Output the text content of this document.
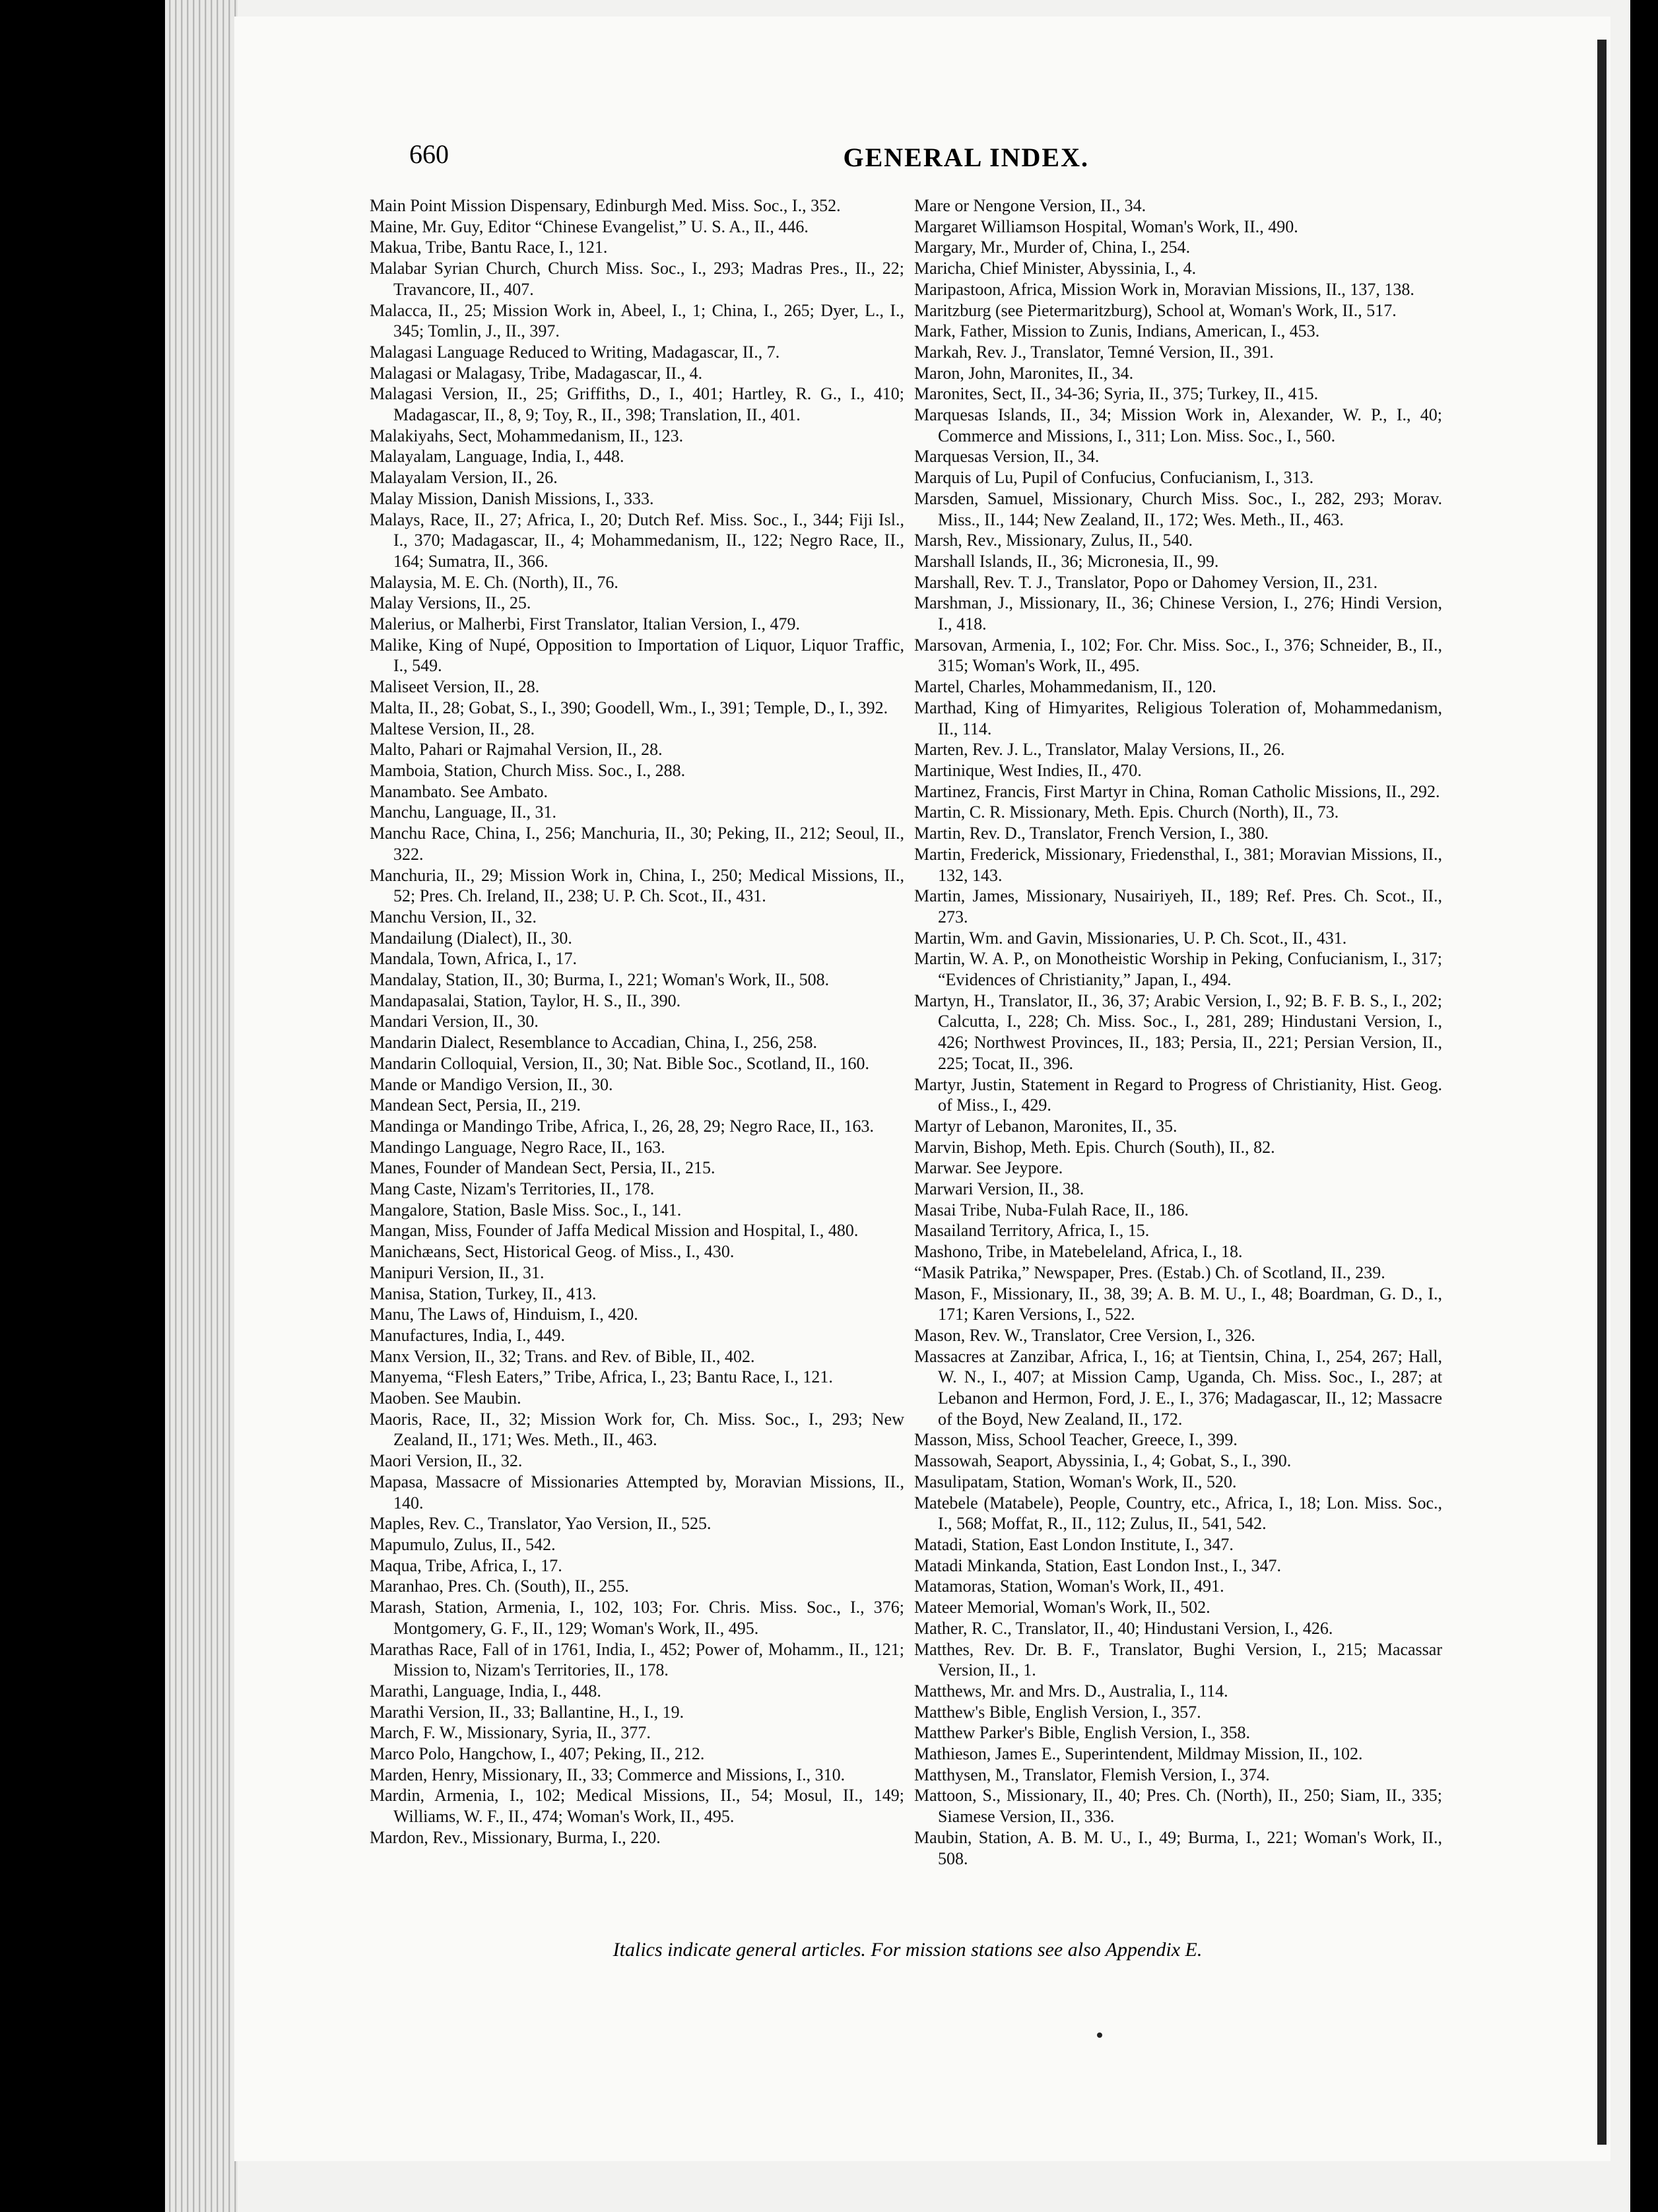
660	GENERAL INDEX.
Main Point Mission Dispensary, Edinburgh Med. Miss. Soc., I., 352.
Maine, Mr. Guy, Editor “Chinese Evangelist,” U. S. A., II., 446.
Makua, Tribe, Bantu Race, I., 121.
Malabar Syrian Church, Church Miss. Soc., I., 293; Madras Pres., II., 22; Travancore, II., 407.
Malacca, II., 25; Mission Work in, Abeel, I., 1; China, I., 265; Dyer, L., I., 345; Tomlin, J., II., 397.
Malagasi Language Reduced to Writing, Madagascar, II., 7.
Malagasi or Malagasy, Tribe, Madagascar, II., 4.
Malagasi Version, II., 25; Griffiths, D., I., 401; Hartley, R. G., I., 410; Madagascar, II., 8, 9; Toy, R., II., 398; Translation, II., 401.
Malakiyahs, Sect, Mohammedanism, II., 123.
Malayalam, Language, India, I., 448.
Malayalam Version, II., 26.
Malay Mission, Danish Missions, I., 333.
Malays, Race, II., 27; Africa, I., 20; Dutch Ref. Miss. Soc., I., 344; Fiji Isl., I., 370; Madagascar, II., 4; Mohammedanism, II., 122; Negro Race, II., 164; Sumatra, II., 366.
Malaysia, M. E. Ch. (North), II., 76.
Malay Versions, II., 25.
Malerius, or Malherbi, First Translator, Italian Version, I., 479.
Malike, King of Nupé, Opposition to Importation of Liquor, Liquor Traffic, I., 549.
Maliseet Version, II., 28.
Malta, II., 28; Gobat, S., I., 390; Goodell, Wm., I., 391; Temple, D., I., 392.
Maltese Version, II., 28.
Malto, Pahari or Rajmahal Version, II., 28.
Mamboia, Station, Church Miss. Soc., I., 288.
Manambato. See Ambato.
Manchu, Language, II., 31.
Manchu Race, China, I., 256; Manchuria, II., 30; Peking, II., 212; Seoul, II., 322.
Manchuria, II., 29; Mission Work in, China, I., 250; Medical Missions, II., 52; Pres. Ch. Ireland, II., 238; U. P. Ch. Scot., II., 431.
Manchu Version, II., 32.
Mandailung (Dialect), II., 30.
Mandala, Town, Africa, I., 17.
Mandalay, Station, II., 30; Burma, I., 221; Woman's Work, II., 508.
Mandapasalai, Station, Taylor, H. S., II., 390.
Mandari Version, II., 30.
Mandarin Dialect, Resemblance to Accadian, China, I., 256, 258.
Mandarin Colloquial, Version, II., 30; Nat. Bible Soc., Scotland, II., 160.
Mande or Mandigo Version, II., 30.
Mandean Sect, Persia, II., 219.
Mandinga or Mandingo Tribe, Africa, I., 26, 28, 29; Negro Race, II., 163.
Mandingo Language, Negro Race, II., 163.
Manes, Founder of Mandean Sect, Persia, II., 215.
Mang Caste, Nizam's Territories, II., 178.
Mangalore, Station, Basle Miss. Soc., I., 141.
Mangan, Miss, Founder of Jaffa Medical Mission and Hospital, I., 480.
Manichæans, Sect, Historical Geog. of Miss., I., 430.
Manipuri Version, II., 31.
Manisa, Station, Turkey, II., 413.
Manu, The Laws of, Hinduism, I., 420.
Manufactures, India, I., 449.
Manx Version, II., 32; Trans. and Rev. of Bible, II., 402.
Manyema, “Flesh Eaters,” Tribe, Africa, I., 23; Bantu Race, I., 121.
Maoben. See Maubin.
Maoris, Race, II., 32; Mission Work for, Ch. Miss. Soc., I., 293; New Zealand, II., 171; Wes. Meth., II., 463.
Maori Version, II., 32.
Mapasa, Massacre of Missionaries Attempted by, Moravian Missions, II., 140.
Maples, Rev. C., Translator, Yao Version, II., 525.
Mapumulo, Zulus, II., 542.
Maqua, Tribe, Africa, I., 17.
Maranhao, Pres. Ch. (South), II., 255.
Marash, Station, Armenia, I., 102, 103; For. Chris. Miss. Soc., I., 376; Montgomery, G. F., II., 129; Woman's Work, II., 495.
Marathas Race, Fall of in 1761, India, I., 452; Power of, Mohamm., II., 121; Mission to, Nizam's Territories, II., 178.
Marathi, Language, India, I., 448.
Marathi Version, II., 33; Ballantine, H., I., 19.
March, F. W., Missionary, Syria, II., 377.
Marco Polo, Hangchow, I., 407; Peking, II., 212.
Marden, Henry, Missionary, II., 33; Commerce and Missions, I., 310.
Mardin, Armenia, I., 102; Medical Missions, II., 54; Mosul, II., 149; Williams, W. F., II., 474; Woman's Work, II., 495.
Mardon, Rev., Missionary, Burma, I., 220.
Mare or Nengone Version, II., 34.
Margaret Williamson Hospital, Woman's Work, II., 490.
Margary, Mr., Murder of, China, I., 254.
Maricha, Chief Minister, Abyssinia, I., 4.
Maripastoon, Africa, Mission Work in, Moravian Missions, II., 137, 138.
Maritzburg (see Pietermaritzburg), School at, Woman's Work, II., 517.
Mark, Father, Mission to Zunis, Indians, American, I., 453.
Markah, Rev. J., Translator, Temné Version, II., 391.
Maron, John, Maronites, II., 34.
Maronites, Sect, II., 34-36; Syria, II., 375; Turkey, II., 415.
Marquesas Islands, II., 34; Mission Work in, Alexander, W. P., I., 40; Commerce and Missions, I., 311; Lon. Miss. Soc., I., 560.
Marquesas Version, II., 34.
Marquis of Lu, Pupil of Confucius, Confucianism, I., 313.
Marsden, Samuel, Missionary, Church Miss. Soc., I., 282, 293; Morav. Miss., II., 144; New Zealand, II., 172; Wes. Meth., II., 463.
Marsh, Rev., Missionary, Zulus, II., 540.
Marshall Islands, II., 36; Micronesia, II., 99.
Marshall, Rev. T. J., Translator, Popo or Dahomey Version, II., 231.
Marshman, J., Missionary, II., 36; Chinese Version, I., 276; Hindi Version, I., 418.
Marsovan, Armenia, I., 102; For. Chr. Miss. Soc., I., 376; Schneider, B., II., 315; Woman's Work, II., 495.
Martel, Charles, Mohammedanism, II., 120.
Marthad, King of Himyarites, Religious Toleration of, Mohammedanism, II., 114.
Marten, Rev. J. L., Translator, Malay Versions, II., 26.
Martinique, West Indies, II., 470.
Martinez, Francis, First Martyr in China, Roman Catholic Missions, II., 292.
Martin, C. R. Missionary, Meth. Epis. Church (North), II., 73.
Martin, Rev. D., Translator, French Version, I., 380.
Martin, Frederick, Missionary, Friedensthal, I., 381; Moravian Missions, II., 132, 143.
Martin, James, Missionary, Nusairiyeh, II., 189; Ref. Pres. Ch. Scot., II., 273.
Martin, Wm. and Gavin, Missionaries, U. P. Ch. Scot., II., 431.
Martin, W. A. P., on Monotheistic Worship in Peking, Confucianism, I., 317; “Evidences of Christianity,” Japan, I., 494.
Martyn, H., Translator, II., 36, 37; Arabic Version, I., 92; B. F. B. S., I., 202; Calcutta, I., 228; Ch. Miss. Soc., I., 281, 289; Hindustani Version, I., 426; Northwest Provinces, II., 183; Persia, II., 221; Persian Version, II., 225; Tocat, II., 396.
Martyr, Justin, Statement in Regard to Progress of Christianity, Hist. Geog. of Miss., I., 429.
Martyr of Lebanon, Maronites, II., 35.
Marvin, Bishop, Meth. Epis. Church (South), II., 82.
Marwar. See Jeypore.
Marwari Version, II., 38.
Masai Tribe, Nuba-Fulah Race, II., 186.
Masailand Territory, Africa, I., 15.
Mashono, Tribe, in Matebeleland, Africa, I., 18.
“Masik Patrika,” Newspaper, Pres. (Estab.) Ch. of Scotland, II., 239.
Mason, F., Missionary, II., 38, 39; A. B. M. U., I., 48; Boardman, G. D., I., 171; Karen Versions, I., 522.
Mason, Rev. W., Translator, Cree Version, I., 326.
Massacres at Zanzibar, Africa, I., 16; at Tientsin, China, I., 254, 267; Hall, W. N., I., 407; at Mission Camp, Uganda, Ch. Miss. Soc., I., 287; at Lebanon and Hermon, Ford, J. E., I., 376; Madagascar, II., 12; Massacre of the Boyd, New Zealand, II., 172.
Masson, Miss, School Teacher, Greece, I., 399.
Massowah, Seaport, Abyssinia, I., 4; Gobat, S., I., 390.
Masulipatam, Station, Woman's Work, II., 520.
Matebele (Matabele), People, Country, etc., Africa, I., 18; Lon. Miss. Soc., I., 568; Moffat, R., II., 112; Zulus, II., 541, 542.
Matadi, Station, East London Institute, I., 347.
Matadi Minkanda, Station, East London Inst., I., 347.
Matamoras, Station, Woman's Work, II., 491.
Mateer Memorial, Woman's Work, II., 502.
Mather, R. C., Translator, II., 40; Hindustani Version, I., 426.
Matthes, Rev. Dr. B. F., Translator, Bughi Version, I., 215; Macassar Version, II., 1.
Matthews, Mr. and Mrs. D., Australia, I., 114.
Matthew's Bible, English Version, I., 357.
Matthew Parker's Bible, English Version, I., 358.
Mathieson, James E., Superintendent, Mildmay Mission, II., 102.
Matthysen, M., Translator, Flemish Version, I., 374.
Mattoon, S., Missionary, II., 40; Pres. Ch. (North), II., 250; Siam, II., 335; Siamese Version, II., 336.
Maubin, Station, A. B. M. U., I., 49; Burma, I., 221; Woman's Work, II., 508.
Italics indicate general articles. For mission stations see also Appendix E.
